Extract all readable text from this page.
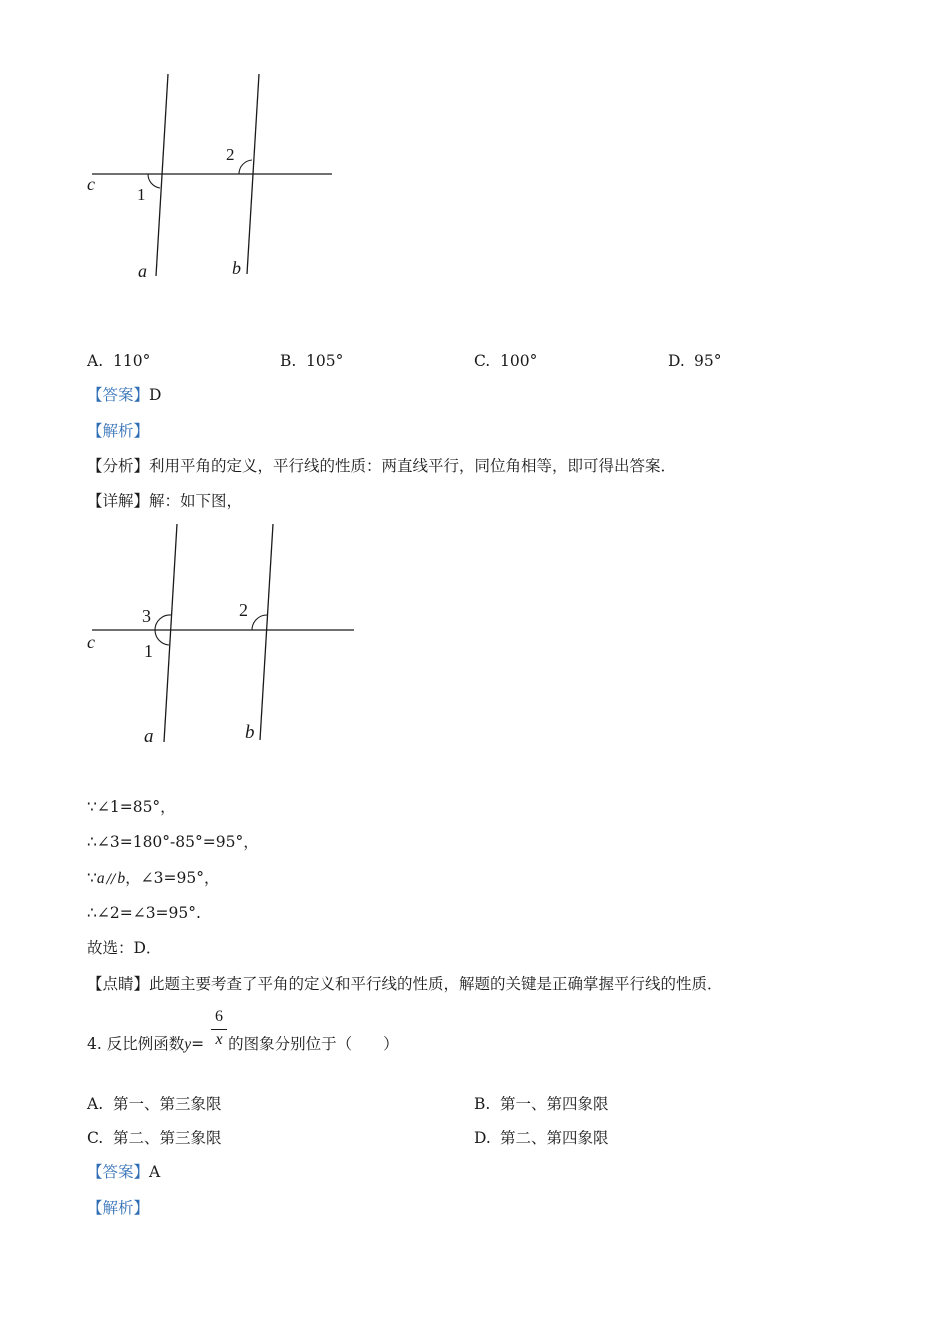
1
2
c
a	b
A. 110°	B. 105°	C. 100°	D. 95°
【答案】D
【解析】
【分析】利用平角的定义，平行线的性质：两直线平行，同位角相等，即可得出答案．
【详解】解：如下图，
3
1
2
c
a	b
∵∠1=85°，
∴∠3=180°-85°=95°，
∵a // b，∠3=95°，
∴∠2=∠3=95°.
故选：D．
【点睛】此题主要考查了平角的定义和平行线的性质，解题的关键是正确掌握平行线的性质．
4. 反比例函数y= 的图象分别位于（　　）
6
x
A. 第一、第三象限	B. 第一、第四象限
C. 第二、第三象限	D. 第二、第四象限
【答案】A
【解析】
